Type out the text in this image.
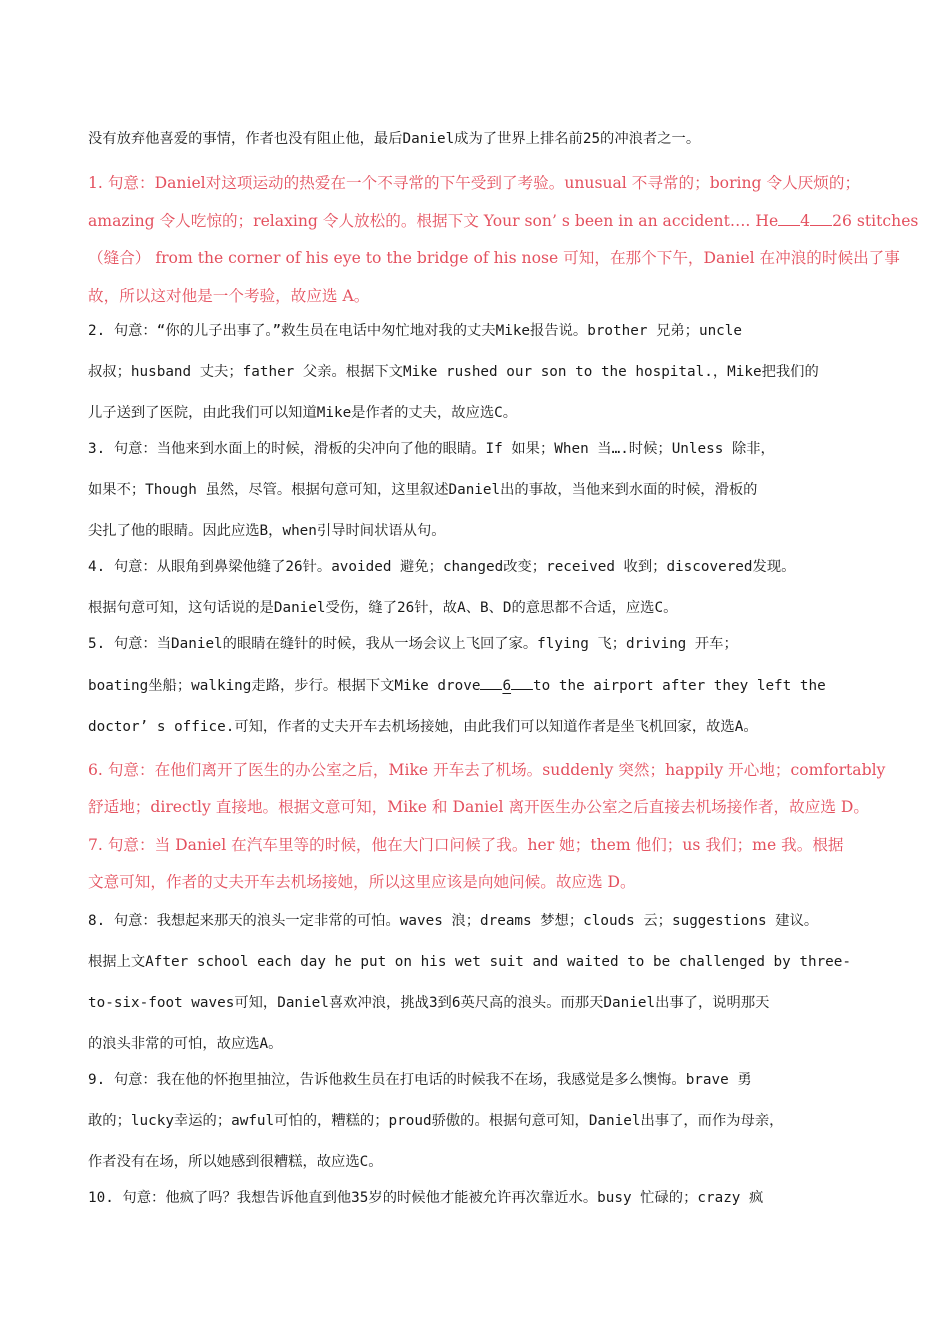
没有放弃他喜爱的事情，作者也没有阻止他，最后Daniel成为了世界上排名前25的冲浪者之一。
1. 句意：Daniel对这项运动的热爱在一个不寻常的下午受到了考验。unusual 不寻常的；boring 令人厌烦的；
amazing 令人吃惊的；relaxing 令人放松的。根据下文 Your son’ s been in an accident…. He 4 26 stitches
（缝合） from the corner of his eye to the bridge of his nose 可知，在那个下午，Daniel 在冲浪的时候出了事
故，所以这对他是一个考验，故应选 A。
2. 句意：“你的儿子出事了。”救生员在电话中匆忙地对我的丈夫Mike报告说。brother 兄弟；uncle
叔叔；husband 丈夫；father 父亲。根据下文Mike rushed our son to the hospital.，Mike把我们的
儿子送到了医院，由此我们可以知道Mike是作者的丈夫，故应选C。
3. 句意：当他来到水面上的时候，滑板的尖冲向了他的眼睛。If 如果；When 当….时候；Unless 除非，
如果不；Though 虽然，尽管。根据句意可知，这里叙述Daniel出的事故，当他来到水面的时候，滑板的
尖扎了他的眼睛。因此应选B，when引导时间状语从句。
4. 句意：从眼角到鼻梁他缝了26针。avoided 避免；changed改变；received 收到；discovered发现。
根据句意可知，这句话说的是Daniel受伤，缝了26针，故A、B、D的意思都不合适，应选C。
5. 句意：当Daniel的眼睛在缝针的时候，我从一场会议上飞回了家。flying 飞；driving 开车；
boating坐船；walking走路，步行。根据下文Mike drove 6 to the airport after they left the
doctor’ s office.可知，作者的丈夫开车去机场接她，由此我们可以知道作者是坐飞机回家，故选A。
6. 句意：在他们离开了医生的办公室之后，Mike 开车去了机场。suddenly 突然；happily 开心地；comfortably
舒适地；directly 直接地。根据文意可知，Mike 和 Daniel 离开医生办公室之后直接去机场接作者，故应选 D。
7. 句意：当 Daniel 在汽车里等的时候，他在大门口问候了我。her 她；them 他们；us 我们；me 我。根据
文意可知，作者的丈夫开车去机场接她，所以这里应该是向她问候。故应选 D。
8. 句意：我想起来那天的浪头一定非常的可怕。waves 浪；dreams 梦想；clouds 云；suggestions 建议。
根据上文After school each day he put on his wet suit and waited to be challenged by three-
to-six-foot waves可知，Daniel喜欢冲浪，挑战3到6英尺高的浪头。而那天Daniel出事了，说明那天
的浪头非常的可怕，故应选A。
9. 句意：我在他的怀抱里抽泣，告诉他救生员在打电话的时候我不在场，我感觉是多么懊悔。brave 勇
敢的；lucky幸运的；awful可怕的，糟糕的；proud骄傲的。根据句意可知，Daniel出事了，而作为母亲，
作者没有在场，所以她感到很糟糕，故应选C。
10. 句意：他疯了吗？我想告诉他直到他35岁的时候他才能被允许再次靠近水。busy 忙碌的；crazy 疯
